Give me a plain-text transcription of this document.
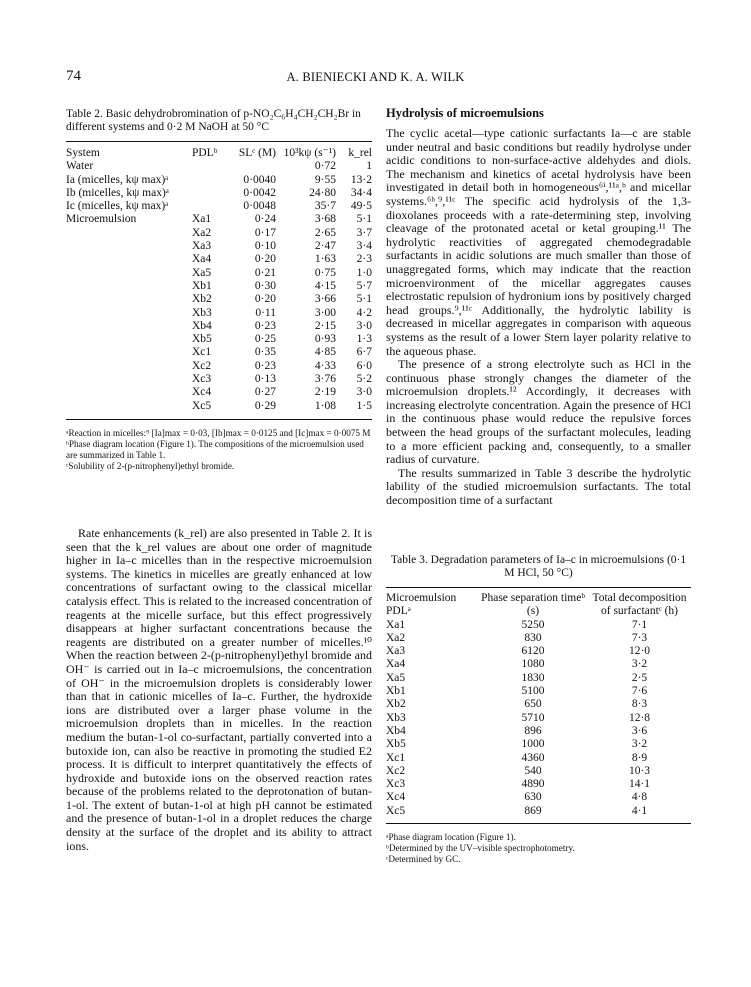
74	A. BIENIECKI AND K. A. WILK
Table 2. Basic dehydrobromination of p-NO₂C₆H₄CH₂CH₂Br in different systems and 0·2 M NaOH at 50 °C
System	PDLᵇ	SLᶜ (M)	10³kψ (s⁻¹)	k_rel
Water			0·72	1
Ia (micelles, kψ max)ᵃ		0·0040	9·55	13·2
Ib (micelles, kψ max)ᵃ		0·0042	24·80	34·4
Ic (micelles, kψ max)ᵃ		0·0048	35·7	49·5
Microemulsion	Xa1	0·24	3·68	5·1
	Xa2	0·17	2·65	3·7
	Xa3	0·10	2·47	3·4
	Xa4	0·20	1·63	2·3
	Xa5	0·21	0·75	1·0
	Xb1	0·30	4·15	5·7
	Xb2	0·20	3·66	5·1
	Xb3	0·11	3·00	4·2
	Xb4	0·23	2·15	3·0
	Xb5	0·25	0·93	1·3
	Xc1	0·35	4·85	6·7
	Xc2	0·23	4·33	6·0
	Xc3	0·13	3·76	5·2
	Xc4	0·27	2·19	3·0
	Xc5	0·29	1·08	1·5
ᵃReaction in micelles:⁹ [Ia]max = 0·03, [Ib]max = 0·0125 and [Ic]max = 0·0075 M
ᵇPhase diagram location (Figure 1). The compositions of the microemulsion used are summarized in Table 1.
ᶜSolubility of 2-(p-nitrophenyl)ethyl bromide.

Rate enhancements (k_rel) are also presented in Table 2. It is seen that the k_rel values are about one order of magnitude higher in Ia–c micelles than in the respective microemulsion systems. The kinetics in micelles are greatly enhanced at low concentrations of surfactant owing to the classical micellar catalysis effect. This is related to the increased concentration of reagents at the micelle surface, but this effect progressively disappears at higher surfactant concentrations because the reagents are distributed on a greater number of micelles.¹⁰ When the reaction between 2-(p-nitrophenyl)ethyl bromide and OH⁻ is carried out in Ia–c microemulsions, the concentration of OH⁻ in the microemulsion droplets is considerably lower than that in cationic micelles of Ia–c. Further, the hydroxide ions are distributed over a larger phase volume in the microemulsion droplets than in micelles. In the reaction medium the butan-1-ol co-surfactant, partially converted into a butoxide ion, can also be reactive in promoting the studied E2 process. It is difficult to interpret quantitatively the effects of hydroxide and butoxide ions on the observed reaction rates because of the problems related to the deprotonation of butan-1-ol. The extent of butan-1-ol at high pH cannot be estimated and the presence of butan-1-ol in a droplet reduces the charge density at the surface of the droplet and its ability to attract ions.

Hydrolysis of microemulsions

The cyclic acetal—type cationic surfactants Ia—c are stable under neutral and basic conditions but readily hydrolyse under acidic conditions to non-surface-active aldehydes and diols. The mechanism and kinetics of acetal hydrolysis have been investigated in detail both in homogeneous⁶ⁱ,¹¹ᵃ,ᵇ and micellar systems.⁶ʰ,⁹,¹¹ᶜ The specific acid hydrolysis of the 1,3-dioxolanes proceeds with a rate-determining step, involving cleavage of the protonated acetal or ketal grouping.¹¹ The hydrolytic reactivities of aggregated chemodegradable surfactants in acidic solutions are much smaller than those of unaggregated forms, which may indicate that the reaction microenvironment of the micellar aggregates causes electrostatic repulsion of hydronium ions by positively charged head groups.⁹,¹¹ᶜ Additionally, the hydrolytic lability is decreased in micellar aggregates in comparison with aqueous systems as the result of a lower Stern layer polarity relative to the aqueous phase.

The presence of a strong electrolyte such as HCl in the continuous phase strongly changes the diameter of the microemulsion droplets.¹² Accordingly, it decreases with increasing electrolyte concentration. Again the presence of HCl in the continuous phase would reduce the repulsive forces between the head groups of the surfactant molecules, leading to a more efficient packing and, consequently, to a smaller radius of curvature.

The results summarized in Table 3 describe the hydrolytic lability of the studied microemulsion surfactants. The total decomposition time of a surfactant

Table 3. Degradation parameters of Ia–c in microemulsions (0·1 M HCl, 50 °C)
Microemulsion PDLᵃ	Phase separation timeᵇ (s)	Total decomposition of surfactantᶜ (h)
Xa1	5250	7·1
Xa2	830	7·3
Xa3	6120	12·0
Xa4	1080	3·2
Xa5	1830	2·5
Xb1	5100	7·6
Xb2	650	8·3
Xb3	5710	12·8
Xb4	896	3·6
Xb5	1000	3·2
Xc1	4360	8·9
Xc2	540	10·3
Xc3	4890	14·1
Xc4	630	4·8
Xc5	869	4·1
ᵃPhase diagram location (Figure 1).
ᵇDetermined by the UV–visible spectrophotometry.
ᶜDetermined by GC.
